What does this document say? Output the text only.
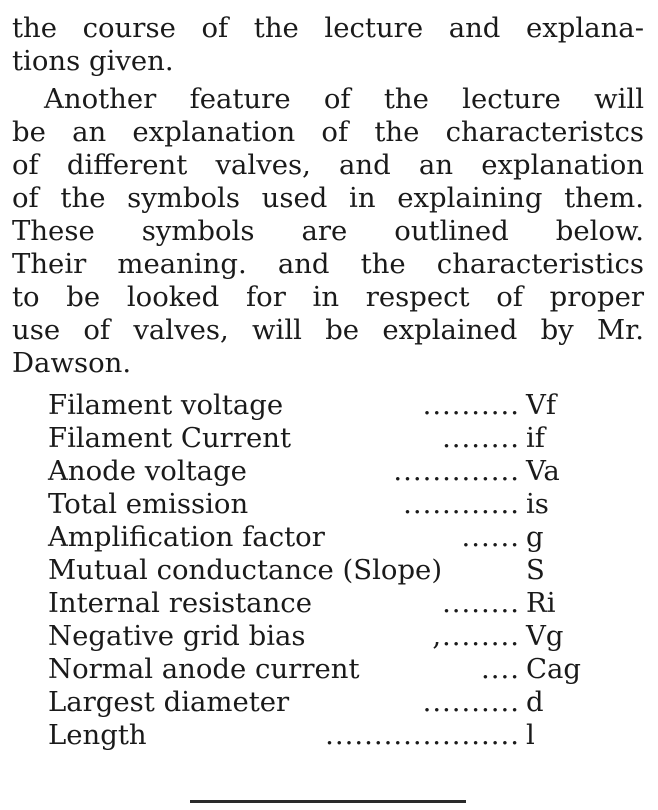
the course of the lecture and explana-
tions given.
Another feature of the lecture will
be an explanation of the characteristcs
of different valves, and an explanation
of the symbols used in explaining them.
These symbols are outlined below.
Their meaning. and the characteristics
to be looked for in respect of proper
use of valves, will be explained by Mr.
Dawson.
Filament voltage	.......... Vf
Filament Current	........ if
Anode voltage	............. Va
Total emission	............ is
Amplification factor	...... g
Mutual conductance (Slope)	S
Internal resistance	........ Ri
Negative grid bias	,........ Vg
Normal anode current	.... Cag
Largest diameter	.......... d
Length	.................... l
